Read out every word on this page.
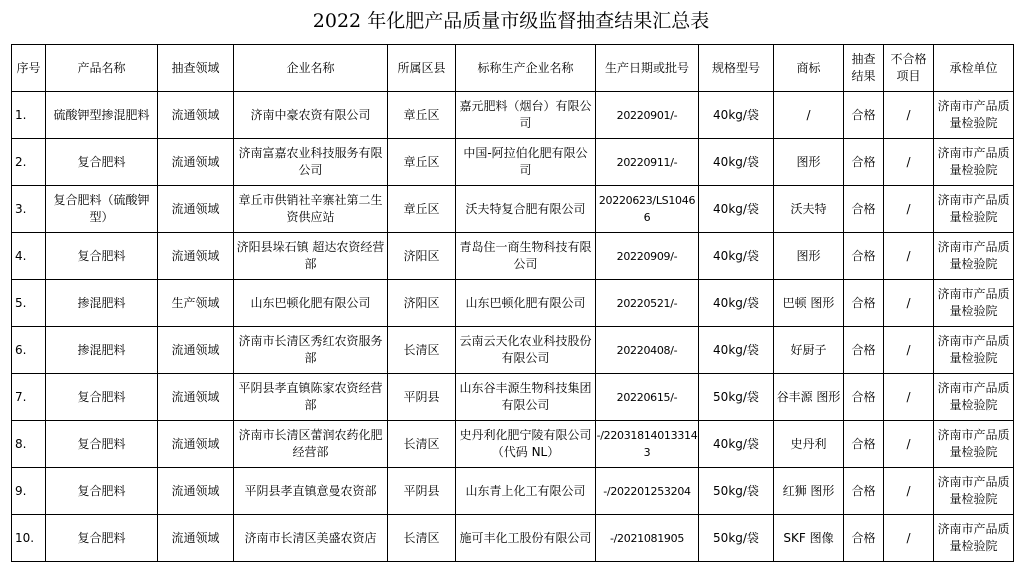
2022 年化肥产品质量市级监督抽查结果汇总表
序号	产品名称	抽查领域	企业名称	所属区县	标称生产企业名称	生产日期或批号	规格型号	商标	抽查结果	不合格项目	承检单位
1.	硫酸钾型掺混肥料	流通领域	济南中豪农资有限公司	章丘区	嘉元肥料（烟台）有限公司	20220901/-	40kg/袋	/	合格	/	济南市产品质量检验院
2.	复合肥料	流通领域	济南富嘉农业科技服务有限公司	章丘区	中国-阿拉伯化肥有限公司	20220911/-	40kg/袋	图形	合格	/	济南市产品质量检验院
3.	复合肥料（硫酸钾型）	流通领域	章丘市供销社辛寨社第二生资供应站	章丘区	沃夫特复合肥有限公司	20220623/LS10466	40kg/袋	沃夫特	合格	/	济南市产品质量检验院
4.	复合肥料	流通领域	济阳县垛石镇 超达农资经营部	济阳区	青岛住一商生物科技有限公司	20220909/-	40kg/袋	图形	合格	/	济南市产品质量检验院
5.	掺混肥料	生产领域	山东巴顿化肥有限公司	济阳区	山东巴顿化肥有限公司	20220521/-	40kg/袋	巴顿 图形	合格	/	济南市产品质量检验院
6.	掺混肥料	流通领域	济南市长清区秀红农资服务部	长清区	云南云天化农业科技股份有限公司	20220408/-	40kg/袋	好厨子	合格	/	济南市产品质量检验院
7.	复合肥料	流通领域	平阴县孝直镇陈家农资经营部	平阴县	山东谷丰源生物科技集团有限公司	20220615/-	50kg/袋	谷丰源 图形	合格	/	济南市产品质量检验院
8.	复合肥料	流通领域	济南市长清区蕾润农药化肥经营部	长清区	史丹利化肥宁陵有限公司（代码 NL）	-/220318140133143	40kg/袋	史丹利	合格	/	济南市产品质量检验院
9.	复合肥料	流通领域	平阴县孝直镇意曼农资部	平阴县	山东青上化工有限公司	-/202201253204	50kg/袋	红狮 图形	合格	/	济南市产品质量检验院
10.	复合肥料	流通领域	济南市长清区美盛农资店	长清区	施可丰化工股份有限公司	-/2021081905	50kg/袋	SKF 图像	合格	/	济南市产品质量检验院
